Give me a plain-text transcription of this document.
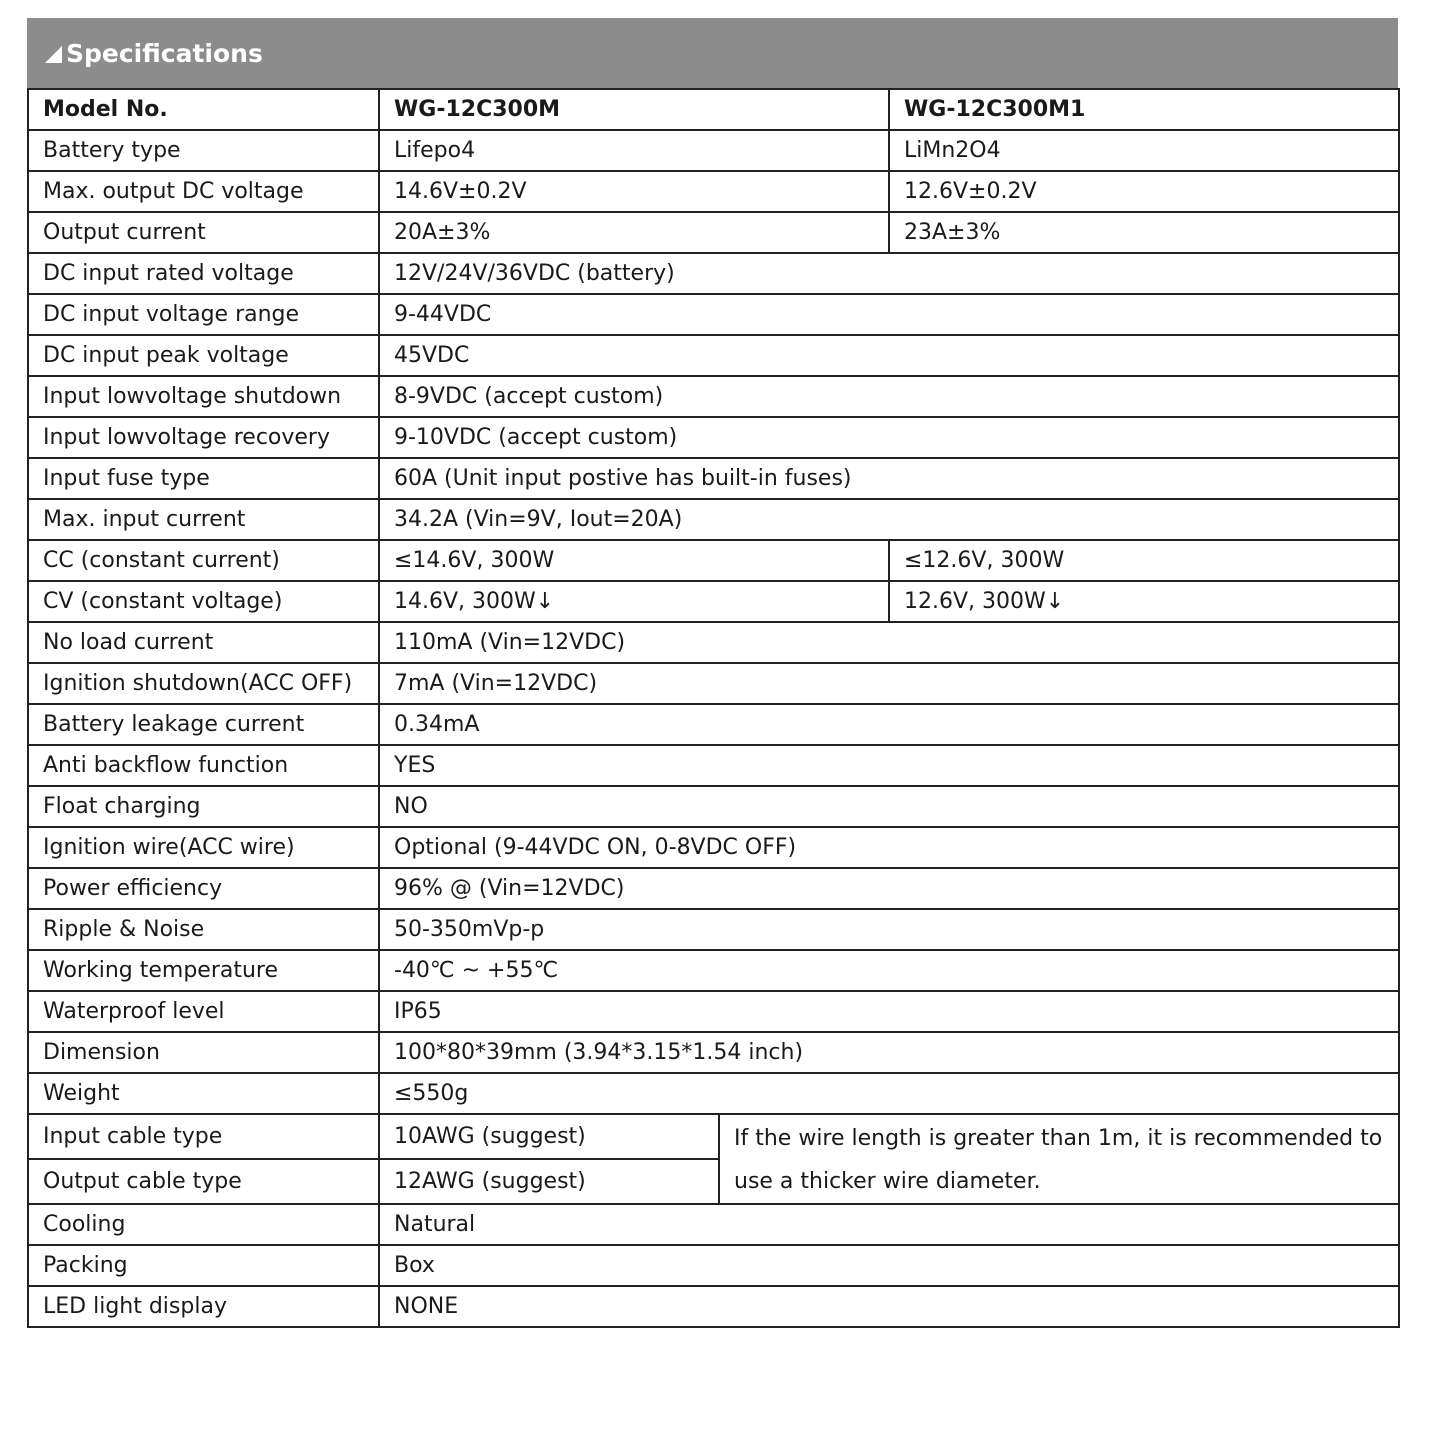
Specifications
Model No.	WG-12C300M		WG-12C300M1
Battery type	Lifepo4		LiMn2O4
Max. output DC voltage	14.6V±0.2V		12.6V±0.2V
Output current	20A±3%		23A±3%
DC input rated voltage	12V/24V/36VDC (battery)		
DC input voltage range	9-44VDC		
DC input peak voltage	45VDC		
Input lowvoltage shutdown	8-9VDC (accept custom)		
Input lowvoltage recovery	9-10VDC (accept custom)		
Input fuse type	60A (Unit input postive has built-in fuses)		
Max. input current	34.2A (Vin=9V, Iout=20A)		
CC (constant current)	≤14.6V, 300W		≤12.6V, 300W
CV (constant voltage)	14.6V, 300W↓		12.6V, 300W↓
No load current	110mA (Vin=12VDC)		
Ignition shutdown(ACC OFF)	7mA (Vin=12VDC)		
Battery leakage current	0.34mA		
Anti backflow function	YES		
Float charging	NO		
Ignition wire(ACC wire)	Optional (9-44VDC ON, 0-8VDC OFF)		
Power efficiency	96% @ (Vin=12VDC)		
Ripple & Noise	50-350mVp-p		
Working temperature	-40℃ ~ +55℃		
Waterproof level	IP65		
Dimension	100*80*39mm (3.94*3.15*1.54 inch)		
Weight	≤550g		
Input cable type	10AWG (suggest)	If the wire length is greater than 1m, it is recommended to use a thicker wire diameter.	
Output cable type	12AWG (suggest)		
Cooling	Natural		
Packing	Box		
LED light display	NONE		
